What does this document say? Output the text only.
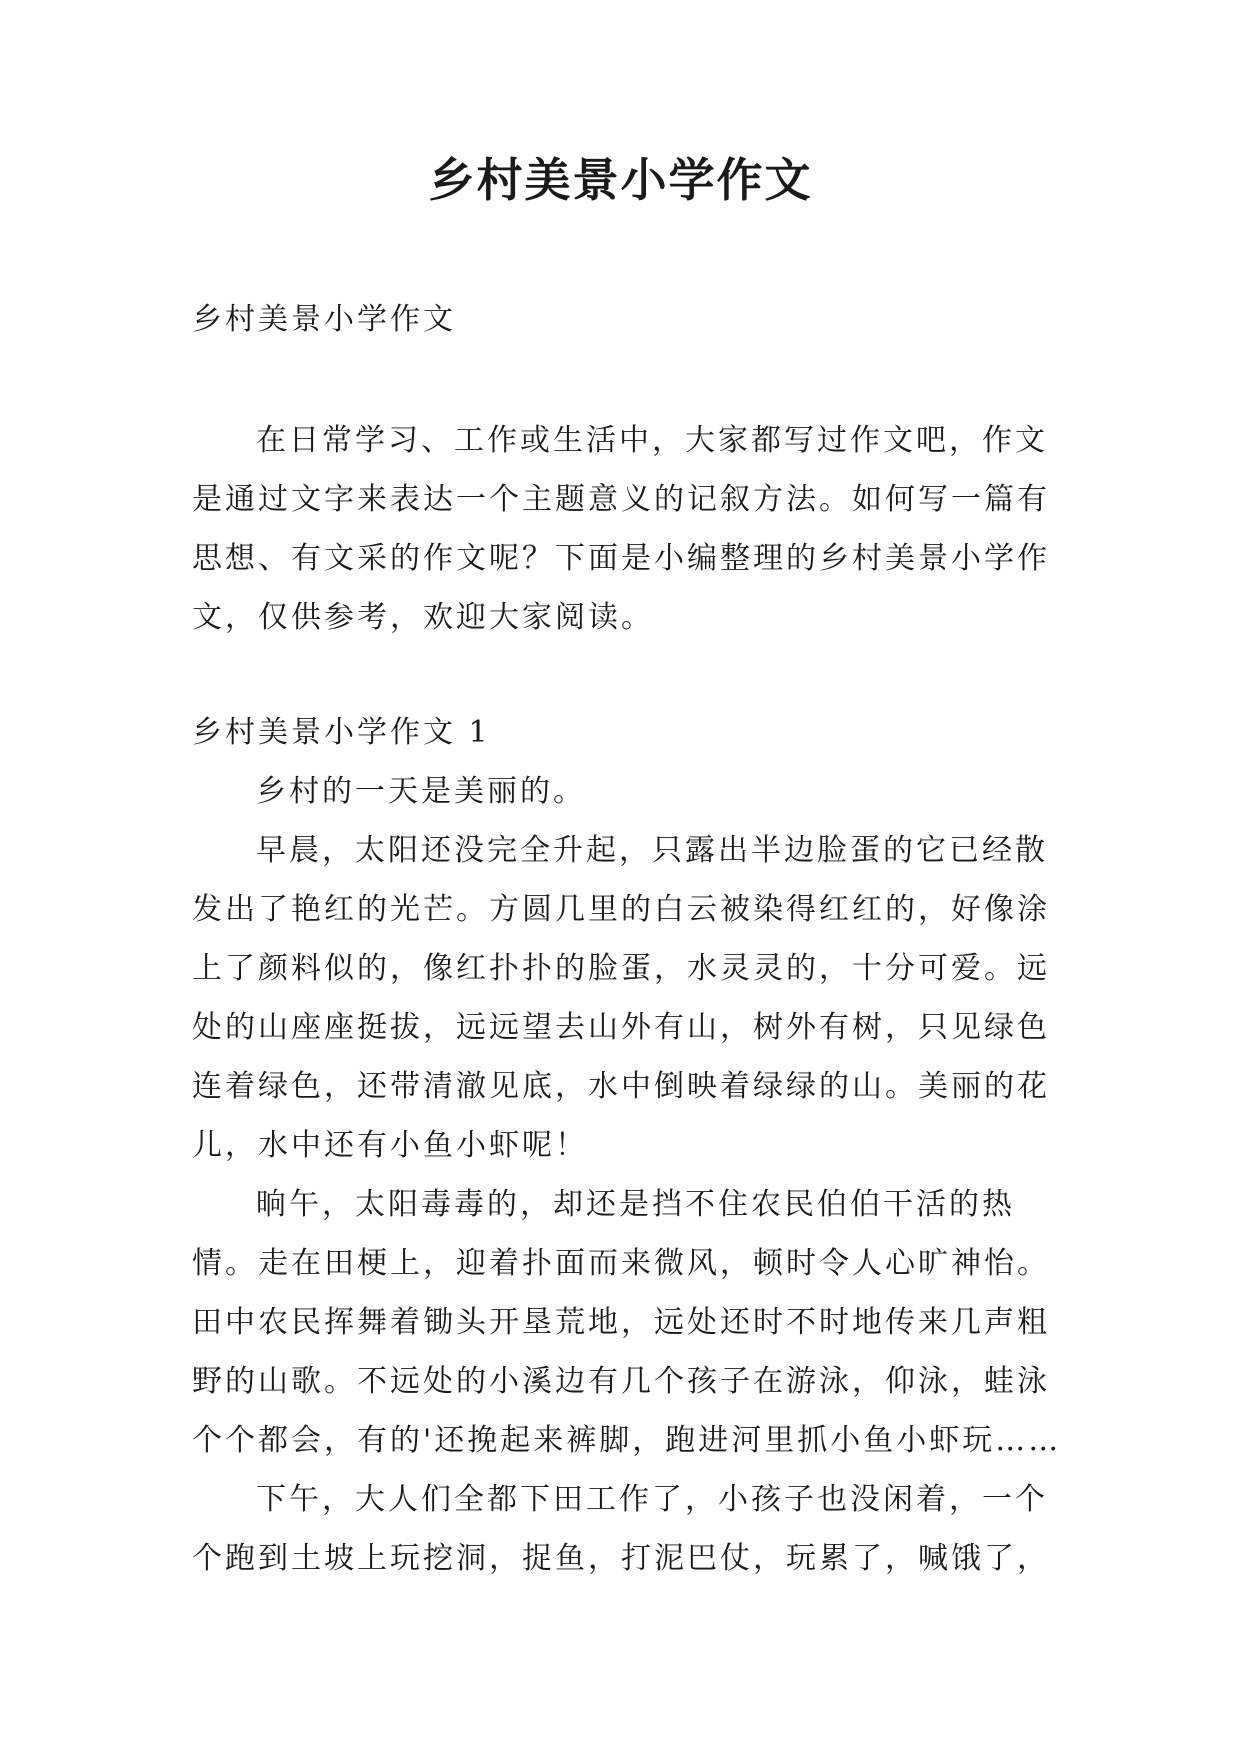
乡村美景小学作文

乡村美景小学作文

在日常学习、工作或生活中，大家都写过作文吧，作文是通过文字来表达一个主题意义的记叙方法。如何写一篇有思想、有文采的作文呢？下面是小编整理的乡村美景小学作文，仅供参考，欢迎大家阅读。

乡村美景小学作文 1

乡村的一天是美丽的。

早晨，太阳还没完全升起，只露出半边脸蛋的它已经散发出了艳红的光芒。方圆几里的白云被染得红红的，好像涂上了颜料似的，像红扑扑的脸蛋，水灵灵的，十分可爱。远处的山座座挺拔，远远望去山外有山，树外有树，只见绿色连着绿色，还带清澈见底，水中倒映着绿绿的山。美丽的花儿，水中还有小鱼小虾呢！

晌午，太阳毒毒的，却还是挡不住农民伯伯干活的热情。走在田梗上，迎着扑面而来微风，顿时令人心旷神怡。田中农民挥舞着锄头开垦荒地，远处还时不时地传来几声粗野的山歌。不远处的小溪边有几个孩子在游泳，仰泳，蛙泳个个都会，有的'还挽起来裤脚，跑进河里抓小鱼小虾玩……

下午，大人们全都下田工作了，小孩子也没闲着，一个个跑到土坡上玩挖洞，捉鱼，打泥巴仗，玩累了，喊饿了，
